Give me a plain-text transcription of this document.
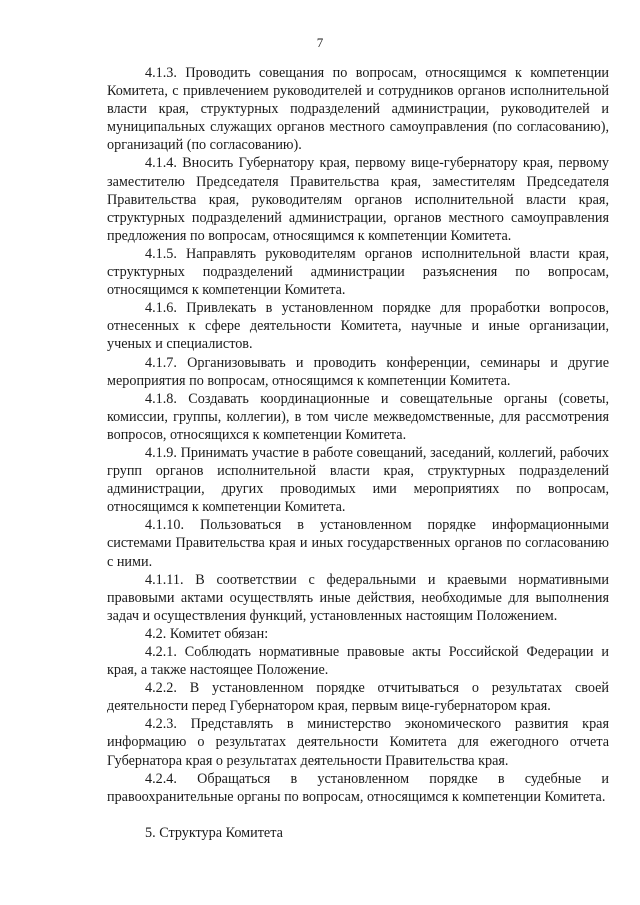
7

4.1.3. Проводить совещания по вопросам, относящимся к компетенции Комитета, с привлечением руководителей и сотрудников органов исполнительной власти края, структурных подразделений администрации, руководителей и муниципальных служащих органов местного самоуправления (по согласованию), организаций (по согласованию).

4.1.4. Вносить Губернатору края, первому вице-губернатору края, первому заместителю Председателя Правительства края, заместителям Председателя Правительства края, руководителям органов исполнительной власти края, структурных подразделений администрации, органов местного самоуправления предложения по вопросам, относящимся к компетенции Комитета.

4.1.5. Направлять руководителям органов исполнительной власти края, структурных подразделений администрации разъяснения по вопросам, относящимся к компетенции Комитета.

4.1.6. Привлекать в установленном порядке для проработки вопросов, отнесенных к сфере деятельности Комитета, научные и иные организации, ученых и специалистов.

4.1.7. Организовывать и проводить конференции, семинары и другие мероприятия по вопросам, относящимся к компетенции Комитета.

4.1.8. Создавать координационные и совещательные органы (советы, комиссии, группы, коллегии), в том числе межведомственные, для рассмотрения вопросов, относящихся к компетенции Комитета.

4.1.9. Принимать участие в работе совещаний, заседаний, коллегий, рабочих групп органов исполнительной власти края, структурных подразделений администрации, других проводимых ими мероприятиях по вопросам, относящимся к компетенции Комитета.

4.1.10. Пользоваться в установленном порядке информационными системами Правительства края и иных государственных органов по согласованию с ними.

4.1.11. В соответствии с федеральными и краевыми нормативными правовыми актами осуществлять иные действия, необходимые для выполнения задач и осуществления функций, установленных настоящим Положением.

4.2. Комитет обязан:

4.2.1. Соблюдать нормативные правовые акты Российской Федерации и края, а также настоящее Положение.

4.2.2. В установленном порядке отчитываться о результатах своей деятельности перед Губернатором края, первым вице-губернатором края.

4.2.3. Представлять в министерство экономического развития края информацию о результатах деятельности Комитета для ежегодного отчета Губернатора края о результатах деятельности Правительства края.

4.2.4. Обращаться в установленном порядке в судебные и правоохранительные органы по вопросам, относящимся к компетенции Комитета.

5. Структура Комитета
